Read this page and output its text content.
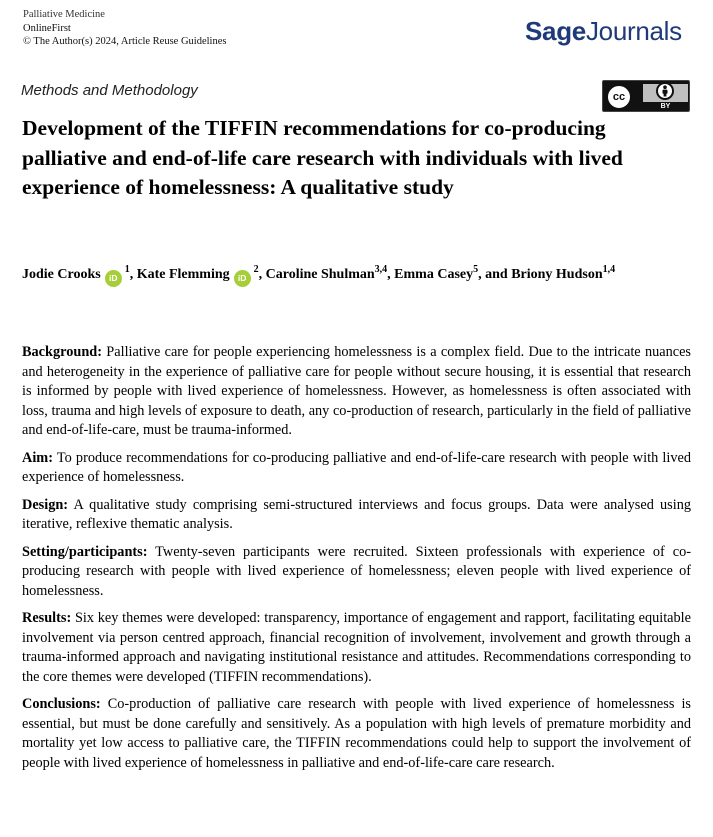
Palliative Medicine
OnlineFirst
© The Author(s) 2024, Article Reuse Guidelines	SageJournals
Methods and Methodology	cc
BY
Development of the TIFFIN recommendations for co-producing palliative and end-of-life care research with individuals with lived experience of homelessness: A qualitative study
Jodie Crooks $iD^1$, Kate Flemming $iD^2$, Caroline Shulman$^{3,4}$, Emma Casey$^5$, and Briony Hudson$^{1,4}$

Background: Palliative care for people experiencing homelessness is a complex field. Due to the intricate nuances and heterogeneity in the experience of palliative care for people without secure housing, it is essential that research is informed by people with lived experience of homelessness. However, as homelessness is often associated with loss, trauma and high levels of exposure to death, any co-production of research, particularly in the field of palliative and end-of-life-care, must be trauma-informed.

Aim: To produce recommendations for co-producing palliative and end-of-life-care research with people with lived experience of homelessness.

Design: A qualitative study comprising semi-structured interviews and focus groups. Data were analysed using iterative, reflexive thematic analysis.

Setting/participants: Twenty-seven participants were recruited. Sixteen professionals with experience of co-producing research with people with lived experience of homelessness; eleven people with lived experience of homelessness.

Results: Six key themes were developed: transparency, importance of engagement and rapport, facilitating equitable involvement via person centred approach, financial recognition of involvement, involvement and growth through a trauma-informed approach and navigating institutional resistance and attitudes. Recommendations corresponding to the core themes were developed (TIFFIN recommendations).

Conclusions: Co-production of palliative care research with people with lived experience of homelessness is essential, but must be done carefully and sensitively. As a population with high levels of premature morbidity and mortality yet low access to palliative care, the TIFFIN recommendations could help to support the involvement of people with lived experience of homelessness in palliative and end-of-life-care care research.
